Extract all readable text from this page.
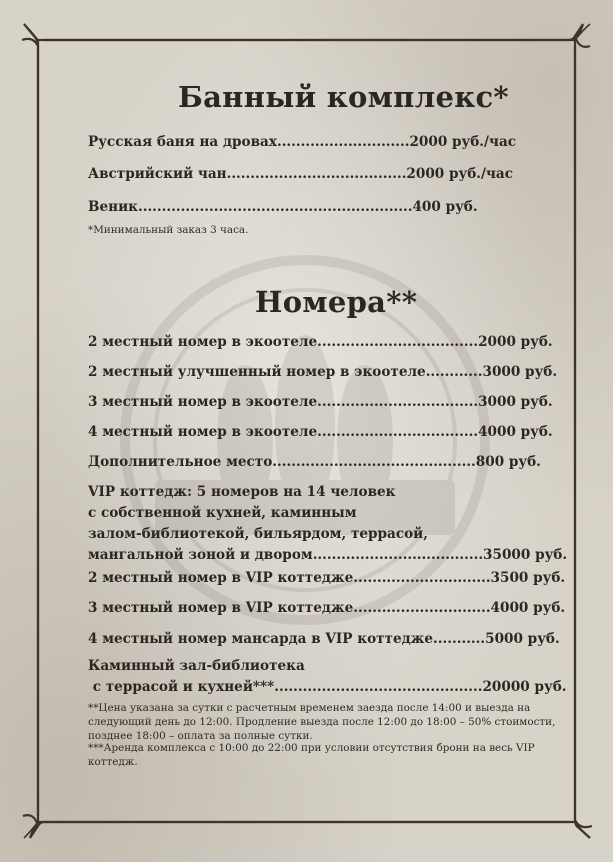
Банный комплекс*

Русская баня на дровах............................2000 руб./час

Австрийский чан......................................2000 руб./час

Веник..........................................................400 руб.

*Минимальный заказ 3 часа.

Номера**

2 местный номер в экоотеле..................................2000 руб.

2 местный улучшенный номер в экоотеле............3000 руб.

3 местный номер в экоотеле..................................3000 руб.

4 местный номер в экоотеле..................................4000 руб.

Дополнительное место...........................................800 руб.

VIP коттедж: 5 номеров на 14 человек
с собственной кухней, каминным
залом-библиотекой, бильярдом, террасой,
мангальной зоной и двором....................................35000 руб.

2 местный номер в VIP коттедже.............................3500 руб.

3 местный номер в VIP коттедже.............................4000 руб.

4 местный номер мансарда в VIP коттедже...........5000 руб.

Каминный зал-библиотека
с террасой и кухней***............................................20000 руб.

**Цена указана за сутки с расчетным временем заезда после 14:00 и выезда на следующий день до 12:00. Продление выезда после 12:00 до 18:00 – 50% стоимости, позднее 18:00 – оплата за полные сутки.

***Аренда комплекса с 10:00 до 22:00 при условии отсутствия брони на весь VIP коттедж.
